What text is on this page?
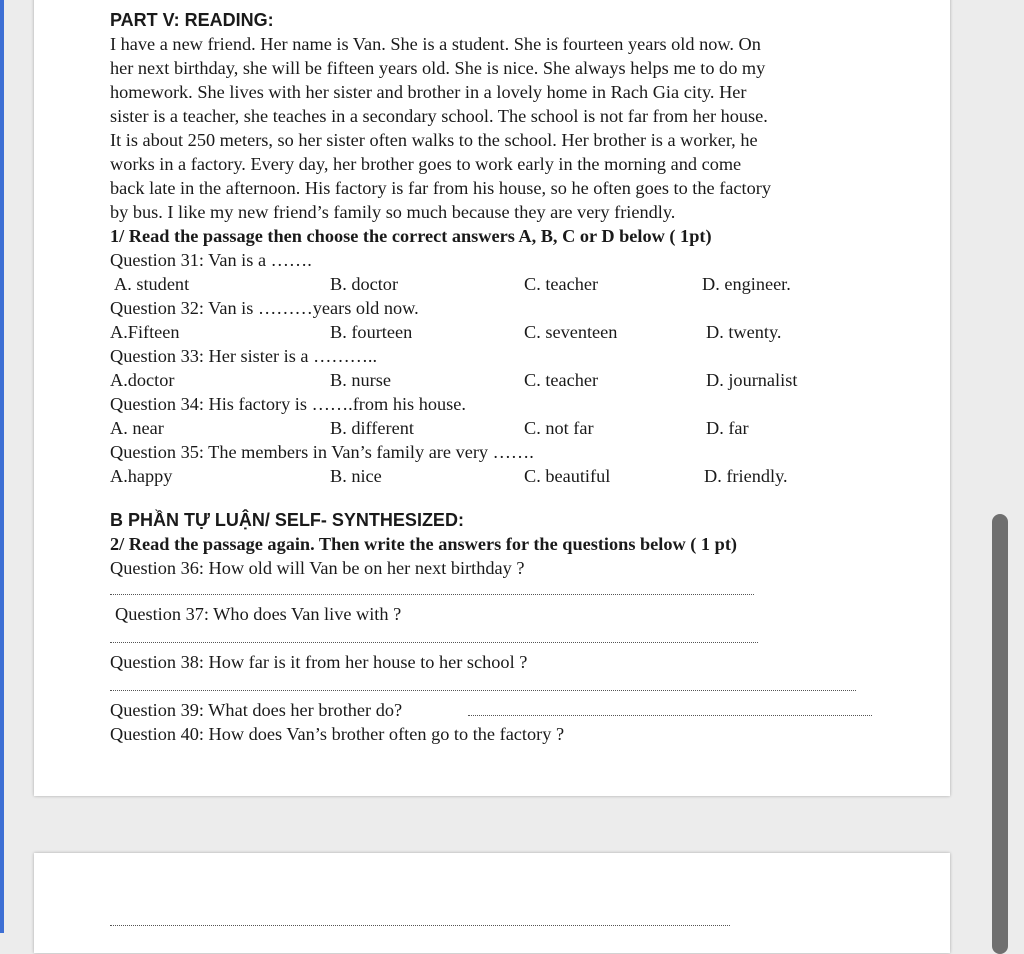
PART V: READING:
I have a new friend. Her name is Van. She is a student. She is fourteen years old now. On
her next birthday, she will be fifteen years old. She is nice. She always helps me to do my
homework. She lives with her sister and brother in a lovely home in Rach Gia city. Her
sister is a teacher, she teaches in a secondary school. The school is not far from her house.
It is about 250 meters, so her sister often walks to the school. Her brother is a worker, he
works in a factory. Every day, her brother goes to work early in the morning and come
back late in the afternoon. His factory is far from his house, so he often goes to the factory
by bus. I like my new friend’s family so much because they are very friendly.
1/ Read the passage then choose the correct answers A, B, C or D below ( 1pt)
Question 31: Van is a …….
A. student	B. doctor	C. teacher	D. engineer.
Question 32: Van is ………years old now.
A.Fifteen	B. fourteen	C. seventeen	D. twenty.
Question 33: Her sister is a ………..
A.doctor	B. nurse	C. teacher	D. journalist
Question 34: His factory is …….from his house.
A. near	B. different	C. not far	D. far
Question 35: The members in Van’s family are very …….
A.happy	B. nice	C. beautiful	D. friendly.
B PHẦN TỰ LUẬN/ SELF- SYNTHESIZED:
2/ Read the passage again. Then write the answers for the questions below ( 1 pt)
Question 36: How old will Van be on her next birthday ?
Question 37: Who does Van live with ?
Question 38: How far is it from her house to her school ?
Question 39: What does her brother do?
Question 40: How does Van’s brother often go to the factory ?
